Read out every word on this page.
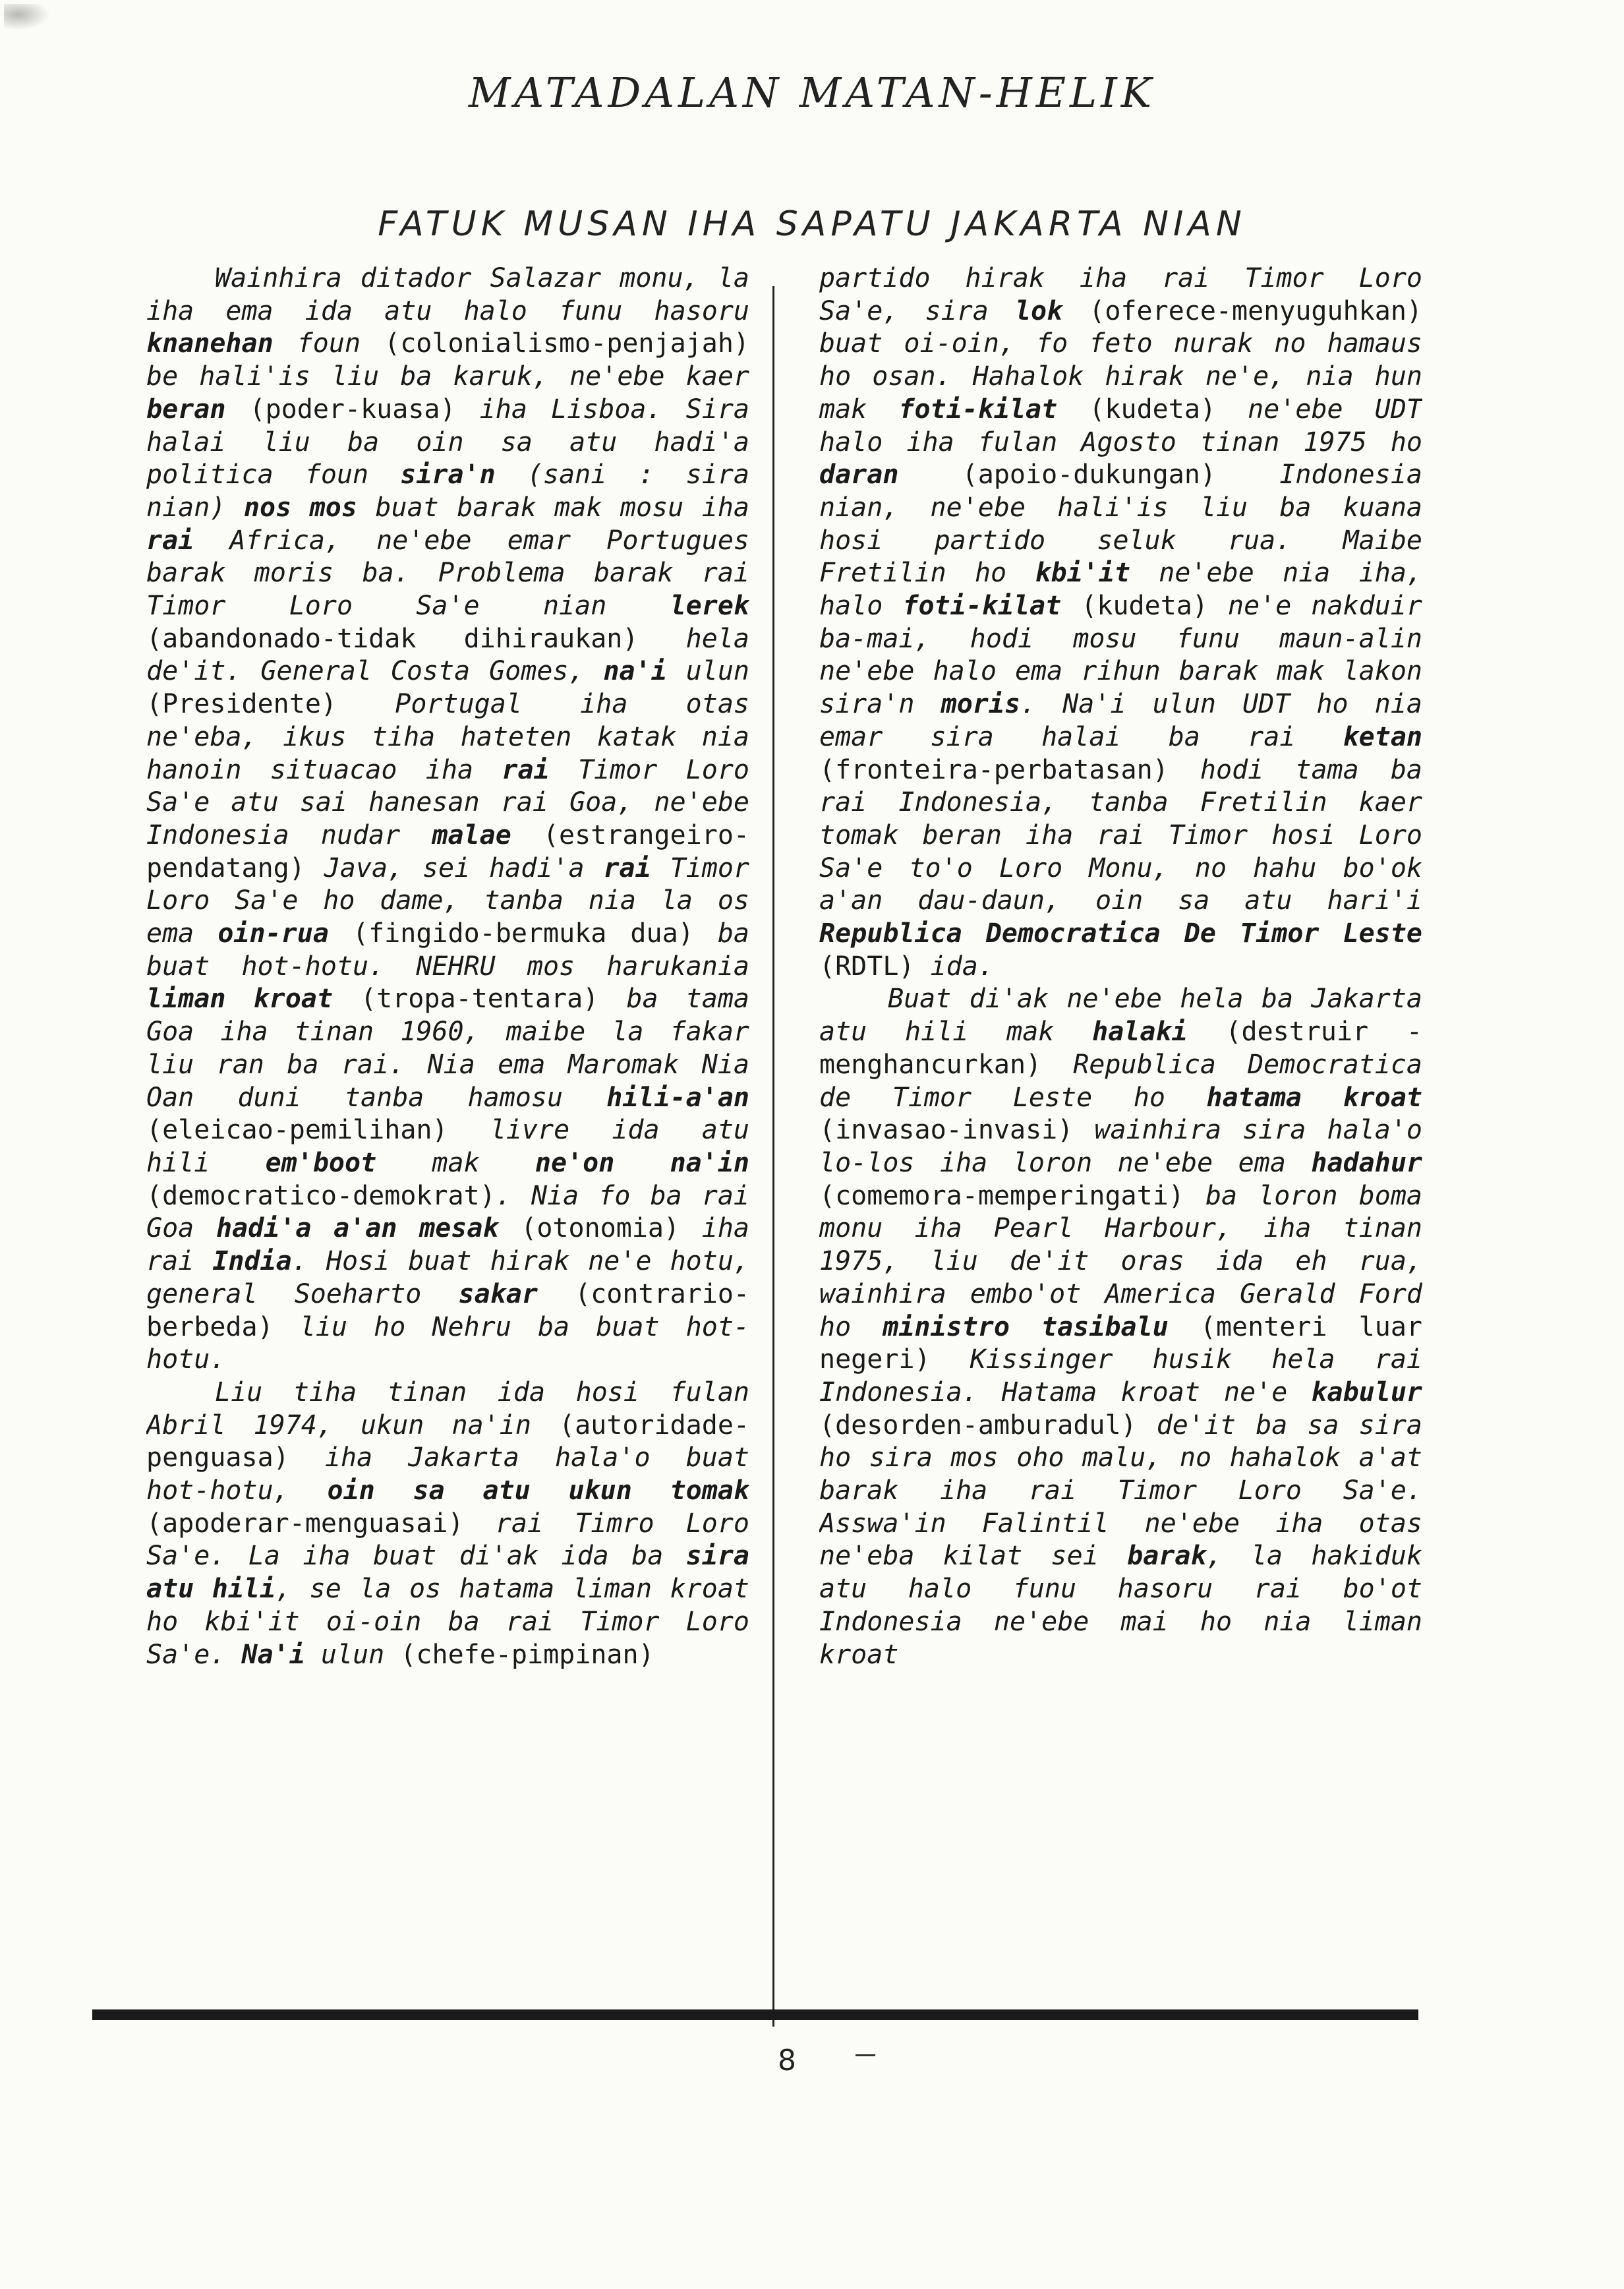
MATADALAN MATAN-HELIK
FATUK MUSAN IHA SAPATU JAKARTA NIAN

Wainhira ditador Salazar monu, la iha ema ida atu halo funu hasoru knanehan foun (colonialismo-penjajah) be hali'is liu ba karuk, ne'ebe kaer beran (poder-kuasa) iha Lisboa. Sira halai liu ba oin sa atu hadi'a politica foun sira'n (sani : sira nian) nos mos buat barak mak mosu iha rai Africa, ne'ebe emar Portugues barak moris ba. Problema barak rai Timor Loro Sa'e nian lerek (abandonado-tidak dihiraukan) hela de'it. General Costa Gomes, na'i ulun (Presidente) Portugal iha otas ne'eba, ikus tiha hateten katak nia hanoin situacao iha rai Timor Loro Sa'e atu sai hanesan rai Goa, ne'ebe Indonesia nudar malae (estrangeiro-pendatang) Java, sei hadi'a rai Timor Loro Sa'e ho dame, tanba nia la os ema oin-rua (fingido-bermuka dua) ba buat hot-hotu. NEHRU mos harukania liman kroat (tropa-tentara) ba tama Goa iha tinan 1960, maibe la fakar liu ran ba rai. Nia ema Maromak Nia Oan duni tanba hamosu hili-a'an (eleicao-pemilihan) livre ida atu hili em'boot mak ne'on na'in (democratico-demokrat). Nia fo ba rai Goa hadi'a a'an mesak (otonomia) iha rai India. Hosi buat hirak ne'e hotu, general Soeharto sakar (contrario-berbeda) liu ho Nehru ba buat hot-hotu.

Liu tiha tinan ida hosi fulan Abril 1974, ukun na'in (autoridade-penguasa) iha Jakarta hala'o buat hot-hotu, oin sa atu ukun tomak (apoderar-menguasai) rai Timro Loro Sa'e. La iha buat di'ak ida ba sira atu hili, se la os hatama liman kroat ho kbi'it oi-oin ba rai Timor Loro Sa'e. Na'i ulun (chefe-pimpinan)

partido hirak iha rai Timor Loro Sa'e, sira lok (oferece-menyuguhkan) buat oi-oin, fo feto nurak no hamaus ho osan. Hahalok hirak ne'e, nia hun mak foti-kilat (kudeta) ne'ebe UDT halo iha fulan Agosto tinan 1975 ho daran (apoio-dukungan) Indonesia nian, ne'ebe hali'is liu ba kuana hosi partido seluk rua. Maibe Fretilin ho kbi'it ne'ebe nia iha, halo foti-kilat (kudeta) ne'e nakduir ba-mai, hodi mosu funu maun-alin ne'ebe halo ema rihun barak mak lakon sira'n moris. Na'i ulun UDT ho nia emar sira halai ba rai ketan (fronteira-perbatasan) hodi tama ba rai Indonesia, tanba Fretilin kaer tomak beran iha rai Timor hosi Loro Sa'e to'o Loro Monu, no hahu bo'ok a'an dau-daun, oin sa atu hari'i Republica Democratica De Timor Leste (RDTL) ida.

Buat di'ak ne'ebe hela ba Jakarta atu hili mak halaki (destruir - menghancurkan) Republica Democratica de Timor Leste ho hatama kroat (invasao-invasi) wainhira sira hala'o lo-los iha loron ne'ebe ema hadahur (comemora-memperingati) ba loron boma monu iha Pearl Harbour, iha tinan 1975, liu de'it oras ida eh rua, wainhira embo'ot America Gerald Ford ho ministro tasibalu (menteri luar negeri) Kissinger husik hela rai Indonesia. Hatama kroat ne'e kabulur (desorden-amburadul) de'it ba sa sira ho sira mos oho malu, no hahalok a'at barak iha rai Timor Loro Sa'e. Asswa'in Falintil ne'ebe iha otas ne'eba kilat sei barak, la hakiduk atu halo funu hasoru rai bo'ot Indonesia ne'ebe mai ho nia liman kroat

8
